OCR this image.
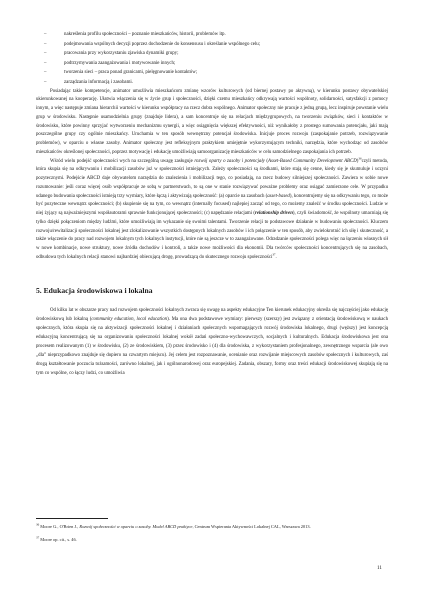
– nakreślenia profilu społeczności – poznanie mieszkańców, historii, problemów itp.
– podejmowania wspólnych decyzji poprzez dochodzenie do konsensusu i określanie wspólnego celu;
– pracowania przy wykorzystaniu zjawiska dynamiki grupy;
– podtrzymywania zaangażowania i motywowanie innych;
– tworzenia sieci – praca ponad granicami, pielęgnowanie kontaktów;
– zarządzania informacją i zasobami.

Posiadając takie kompetencje, animator umożliwia mieszkańcom zmianę wzorów kulturowych (od biernej postawy po aktywną), w kierunku postawy obywatelskiej ukierunkowanej na kooperację. Ułatwia włączenia się w życie grup i społeczności, dzięki czemu mieszkańcy odkrywają wartości wspólnoty, solidarności, satysfakcji z pomocy innym, a więc następuje zmiana hierarchii wartości w kierunku współpracy na rzecz dobra wspólnego. Animator społeczny nie pracuje z jedną grupą, lecz inspiruje powstanie wielu grup w środowisku. Następnie usamodzielnia grupy (znajduje lidera), a sam koncentruje się na relacjach międzygrupowych, na tworzeniu związków, sieci i kontaktów w środowisku, które powinny sprzyjać wytworzeniu mechanizmu synergii, a więc osiągnięcia większej efektywności, niż wynikałoby z prostego sumowania potencjału, jaki mają poszczególne grupy czy ogólnie mieszkańcy. Uruchamia w ten sposób wewnętrzny potencjał środowiska. Inicjuje proces rozwoju (zaspokajanie potrzeb, rozwiązywanie problemów), w oparciu o własne zasoby. Animator społeczny jest refleksyjnym praktykiem umiejętnie wykorzystującym techniki, narzędzia, które wychodząc od zasobów mieszkańców określonej społeczności, poprzez motywację i edukację umożliwiają samoorganizację mieszkańców w celu samodzielnego zaspokajania ich potrzeb.

Wśród wielu podejść społeczności wych na szczególną uwagę zasługuje rozwój oparty o zasoby i potencjały (Asset-Based Community Development ABCD)$^{36}$czyli metoda, która skupia się na odkrywaniu i mobilizacji zasobów już w społeczności istniejących. Zależy społeczności są środkami, które stają się cenne, kiedy się je skumuluje i uczyni pozytecznymi. Podejście ABCD daje obywatelom narzędzia do znalezienia i mobilizacji tego, co posiadają, na rzecz budowy silniejszej społeczności. Zawiera w sobie nowe rozumowanie: jeśli coraz więcej osób współpracuje ze sobą w partnerstwach, to są one w stanie rozwiązywać poważne problemy oraz osiągać zamierzone cele. W przypadku udanego budowania społeczności istnieją trzy wymiary, które łączą i aktywizują społeczność: (a) oparcie na zasobach (asset-based), koncentrujemy się na odkrywaniu tego, co może być pozyteczne wewnątrz społeczności; (b) skupienie się na tym, co wewnątrz (internally focused) najlepiej zacząć od tego, co możemy znaleźć w środku społeczności. Ludzie w niej żyjący są najważniejszymi współautorami sprawnie funkcjonującej społeczności; (c) napędzanie relacjami (relationship driven), czyli świadomość, że wspólnoty umacniają się tylko dzięki połączeniom między ludźmi, które umożliwiają im wykazanie się swoimi talentami. Tworzenie relacji to podstawowe działanie w budowaniu społeczności. Kluczem rozwoju/rewitalizacji społeczności lokalnej jest zlokalizowanie wszystkich dostępnych lokalnych zasobów i ich połączenie w ten sposób, aby zwielokrotnić ich siłę i skuteczność, a także włączenie do pracy nad rozwojem lokalnym tych lokalnych instytucji, które nie są jeszcze w to zaangażowane. Odradzanie społeczności polega więc na łączeniu własnych sił w nowe kombinacje, nowe struktury, nowe źródła dochodów i kontroli, a także nowe możliwości dla ekonomii. Dla twórców społeczności koncentrujących się na zasobach, odbudowa tych lokalnych relacji stanowi najbardziej obiecującą drogę, prowadzącą do skutecznego rozwoju społeczności$^{37}$.

5. Edukacja środowiskowa i lokalna

Od kilku lat w obszarze pracy nad rozwojem społeczności lokalnych zwraca się uwagę na aspekty edukacyjne Ten kierunek edukacyjny określa się najczęściej jako edukację środowiskową lub lokalną (community education, local education). Ma ona dwa podstawowe wymiary: pierwszy (szerszy) jest związany z orientacją środowiskową w naukach społecznych, która skupia się na aktywizacji społeczności lokalnej i działaniach społecznych wspomagających rozwój środowiska lokalnego, drugi (węższy) jest koncepcją edukacyjną koncentrującą się na organizowaniu społeczności lokalnej wokół zadań społeczno-wychowawczych, socjalnych i kulturalnych. Edukacja środowiskowa jest ona procesem realizowanym (1) w środowisku, (2) ze środowiskiem, (3) przez środowisko i (4) dla środowiska, z wykorzystaniem profesjonalnego, zewnętrznego wsparcia (ale owo „dla” nieprzypadkowo znajduje się dopiero na czwartym miejscu). Jej celem jest rozpoznawanie, ocenianie oraz rozwijanie miejscowych zasobów społecznych i kulturowych, zaś drogą kształtowanie poczucia tożsamości, zarówno lokalnej, jak i ogólnonarodowej oraz europejskiej. Zadania, obszary, formy oraz treści edukacji środowiskowej skupiają się na tym co wspólne, co łączy ludzi, co umożliwia

$^{36}$ Moore G., O'Brien J., Rozwój społeczności w oparciu o zasoby. Model ABCD praktyce, Centrum Wspierania Aktywności Lokalnej CAL, Warszawa 2013.
$^{37}$ Moore op. cit., s. 46.
11
